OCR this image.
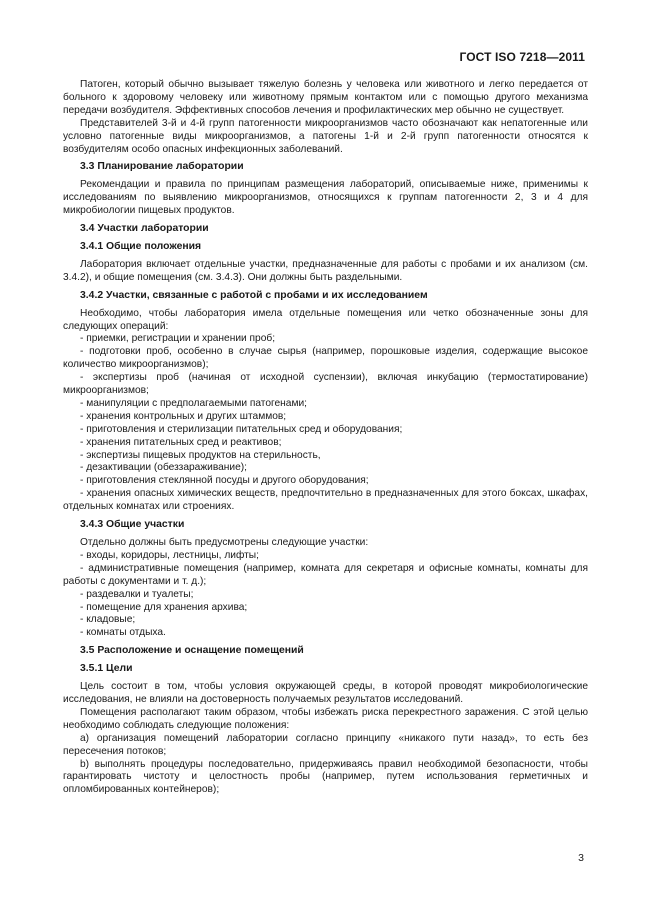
ГОСТ ISO 7218—2011

Патоген, который обычно вызывает тяжелую болезнь у человека или животного и легко передается от больного к здоровому человеку или животному прямым контактом или с помощью другого механизма передачи возбудителя. Эффективных способов лечения и профилактических мер обычно не существует.

Представителей 3-й и 4-й групп патогенности микроорганизмов часто обозначают как непатогенные или условно патогенные виды микроорганизмов, а патогены 1-й и 2-й групп патогенности относятся к возбудителям особо опасных инфекционных заболеваний.

3.3 Планирование лаборатории

Рекомендации и правила по принципам размещения лабораторий, описываемые ниже, применимы к исследованиям по выявлению микроорганизмов, относящихся к группам патогенности 2, 3 и 4 для микробиологии пищевых продуктов.

3.4 Участки лаборатории

3.4.1 Общие положения

Лаборатория включает отдельные участки, предназначенные для работы с пробами и их анализом (см. 3.4.2), и общие помещения (см. 3.4.3). Они должны быть раздельными.

3.4.2 Участки, связанные с работой с пробами и их исследованием

Необходимо, чтобы лаборатория имела отдельные помещения или четко обозначенные зоны для следующих операций:

- приемки, регистрации и хранении проб;

- подготовки проб, особенно в случае сырья (например, порошковые изделия, содержащие высокое количество микроорганизмов);

- экспертизы проб (начиная от исходной суспензии), включая инкубацию (термостатирование) микроорганизмов;

- манипуляции с предполагаемыми патогенами;

- хранения контрольных и других штаммов;

- приготовления и стерилизации питательных сред и оборудования;

- хранения питательных сред и реактивов;

- экспертизы пищевых продуктов на стерильность,

- дезактивации (обеззараживание);

- приготовления стеклянной посуды и другого оборудования;

- хранения опасных химических веществ, предпочтительно в предназначенных для этого боксах, шкафах, отдельных комнатах или строениях.

3.4.3 Общие участки

Отдельно должны быть предусмотрены следующие участки:

- входы, коридоры, лестницы, лифты;

- административные помещения (например, комната для секретаря и офисные комнаты, комнаты для работы с документами и т. д.);

- раздевалки и туалеты;

- помещение для хранения архива;

- кладовые;

- комнаты отдыха.

3.5 Расположение и оснащение помещений

3.5.1 Цели

Цель состоит в том, чтобы условия окружающей среды, в которой проводят микробиологические исследования, не влияли на достоверность получаемых результатов исследований.

Помещения располагают таким образом, чтобы избежать риска перекрестного заражения. С этой целью необходимо соблюдать следующие положения:

a) организация помещений лаборатории согласно принципу «никакого пути назад», то есть без пересечения потоков;

b) выполнять процедуры последовательно, придерживаясь правил необходимой безопасности, чтобы гарантировать чистоту и целостность пробы (например, путем использования герметичных и опломбированных контейнеров);

3
